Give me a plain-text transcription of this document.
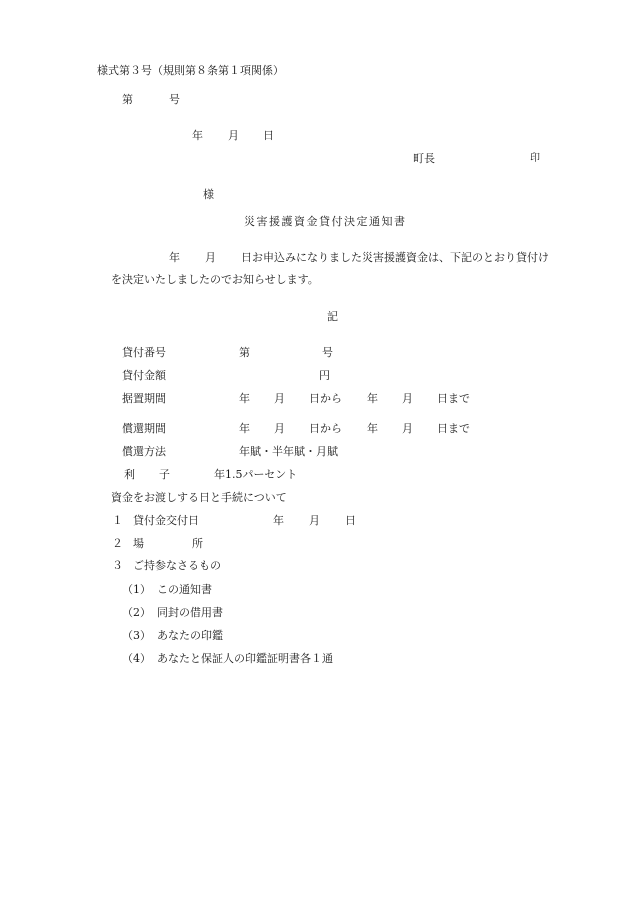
様式第３号（規則第８条第１項関係）
第	号
年 月 日
町長	印
様
災害援護資金貸付決定通知書
年 月 日お申込みになりました災害援護資金は、下記のとおり貸付け
を決定いたしましたのでお知らせします。
記
貸付番号	第	号
貸付金額	円
据置期間	年 月 日から 年 月 日まで
償還期間	年 月 日から 年 月 日まで
償還方法	年賦・半年賦・月賦
利 子	年1.5パーセント
資金をお渡しする日と手続について
１ 貸付金交付日	年 月 日
２ 場	所
３ ご持参なさるもの
（1） この通知書
（2） 同封の借用書
（3） あなたの印鑑
（4） あなたと保証人の印鑑証明書各１通
